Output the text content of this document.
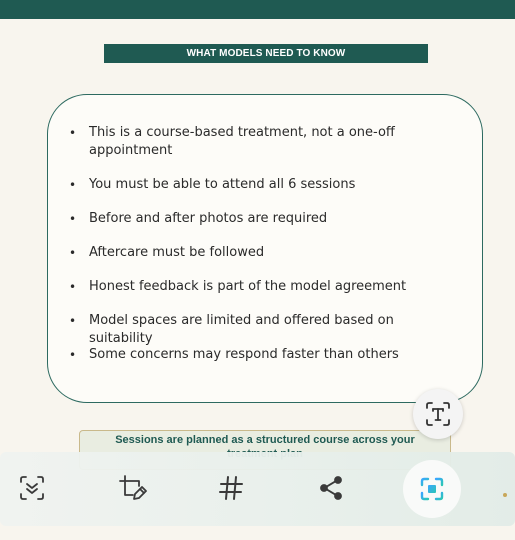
WHAT MODELS NEED TO KNOW
• This is a course-based treatment, not a one-off appointment
• You must be able to attend all 6 sessions
• Before and after photos are required
• Aftercare must be followed
• Honest feedback is part of the model agreement
• Model spaces are limited and offered based on suitability
• Some concerns may respond faster than others
Sessions are planned as a structured course across your
